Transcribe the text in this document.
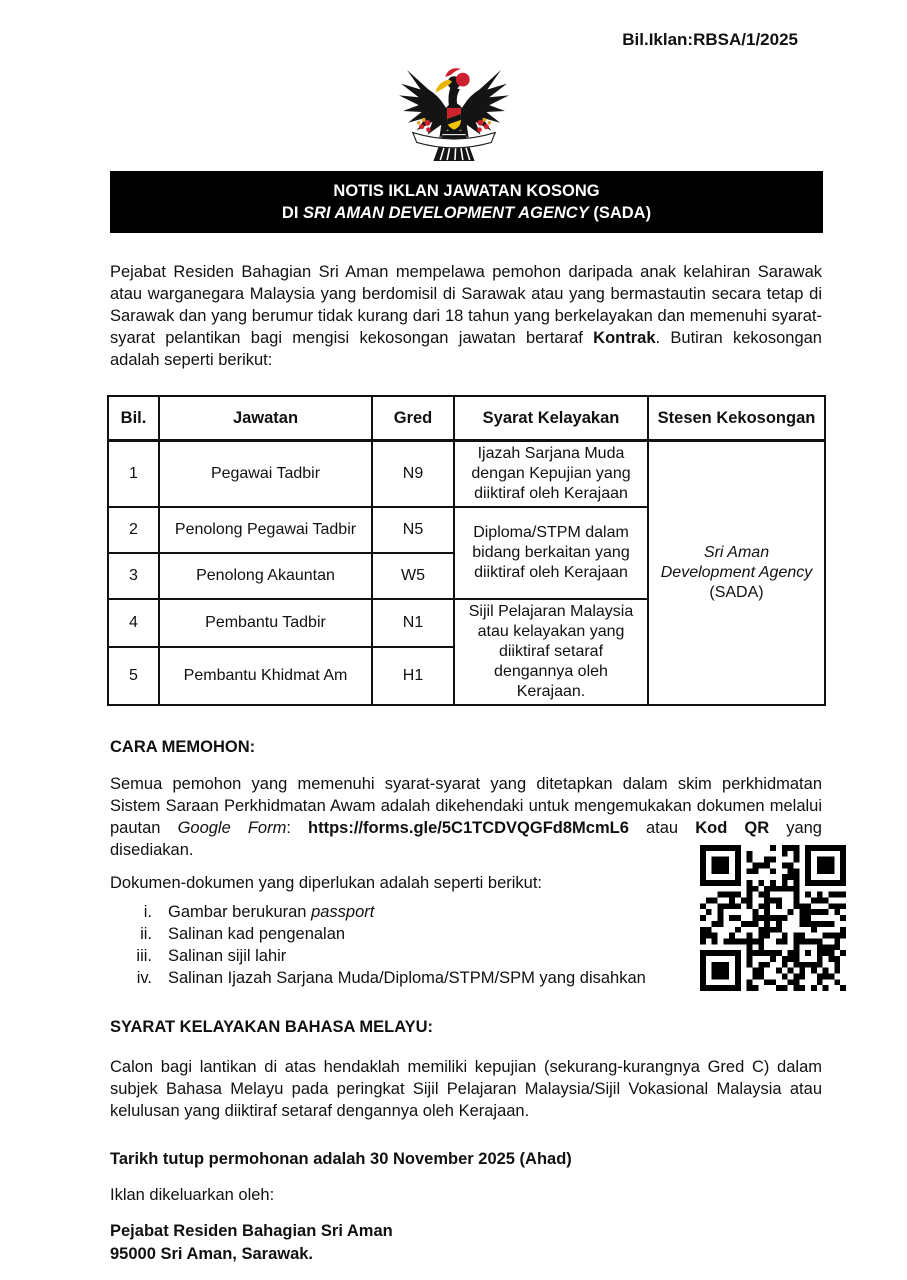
Bil.Iklan:RBSA/1/2025
NOTIS IKLAN JAWATAN KOSONG
DI SRI AMAN DEVELOPMENT AGENCY (SADA)

Pejabat Residen Bahagian Sri Aman mempelawa pemohon daripada anak kelahiran Sarawak atau warganegara Malaysia yang berdomisil di Sarawak atau yang bermastautin secara tetap di Sarawak dan yang berumur tidak kurang dari 18 tahun yang berkelayakan dan memenuhi syarat-syarat pelantikan bagi mengisi kekosongan jawatan bertaraf Kontrak. Butiran kekosongan adalah seperti berikut:

Bil.	Jawatan	Gred	Syarat Kelayakan	Stesen Kekosongan
1	Pegawai Tadbir	N9	Ijazah Sarjana Muda dengan Kepujian yang diiktiraf oleh Kerajaan	Sri Aman Development Agency (SADA)
2	Penolong Pegawai Tadbir	N5	Diploma/STPM dalam bidang berkaitan yang diiktiraf oleh Kerajaan	
3	Penolong Akauntan	W5		
4	Pembantu Tadbir	N1	Sijil Pelajaran Malaysia atau kelayakan yang diiktiraf setaraf dengannya oleh Kerajaan.	
5	Pembantu Khidmat Am	H1		
CARA MEMOHON:

Semua pemohon yang memenuhi syarat-syarat yang ditetapkan dalam skim perkhidmatan Sistem Saraan Perkhidmatan Awam adalah dikehendaki untuk mengemukakan dokumen melalui pautan Google Form: https://forms.gle/5C1TCDVQGFd8McmL6 atau Kod QR yang disediakan.

Dokumen-dokumen yang diperlukan adalah seperti berikut:

i. Gambar berukuran passport
ii. Salinan kad pengenalan
iii. Salinan sijil lahir
iv. Salinan Ijazah Sarjana Muda/Diploma/STPM/SPM yang disahkan
SYARAT KELAYAKAN BAHASA MELAYU:

Calon bagi lantikan di atas hendaklah memiliki kepujian (sekurang-kurangnya Gred C) dalam subjek Bahasa Melayu pada peringkat Sijil Pelajaran Malaysia/Sijil Vokasional Malaysia atau kelulusan yang diiktiraf setaraf dengannya oleh Kerajaan.

Tarikh tutup permohonan adalah 30 November 2025 (Ahad)
Iklan dikeluarkan oleh:
Pejabat Residen Bahagian Sri Aman
95000 Sri Aman, Sarawak.
